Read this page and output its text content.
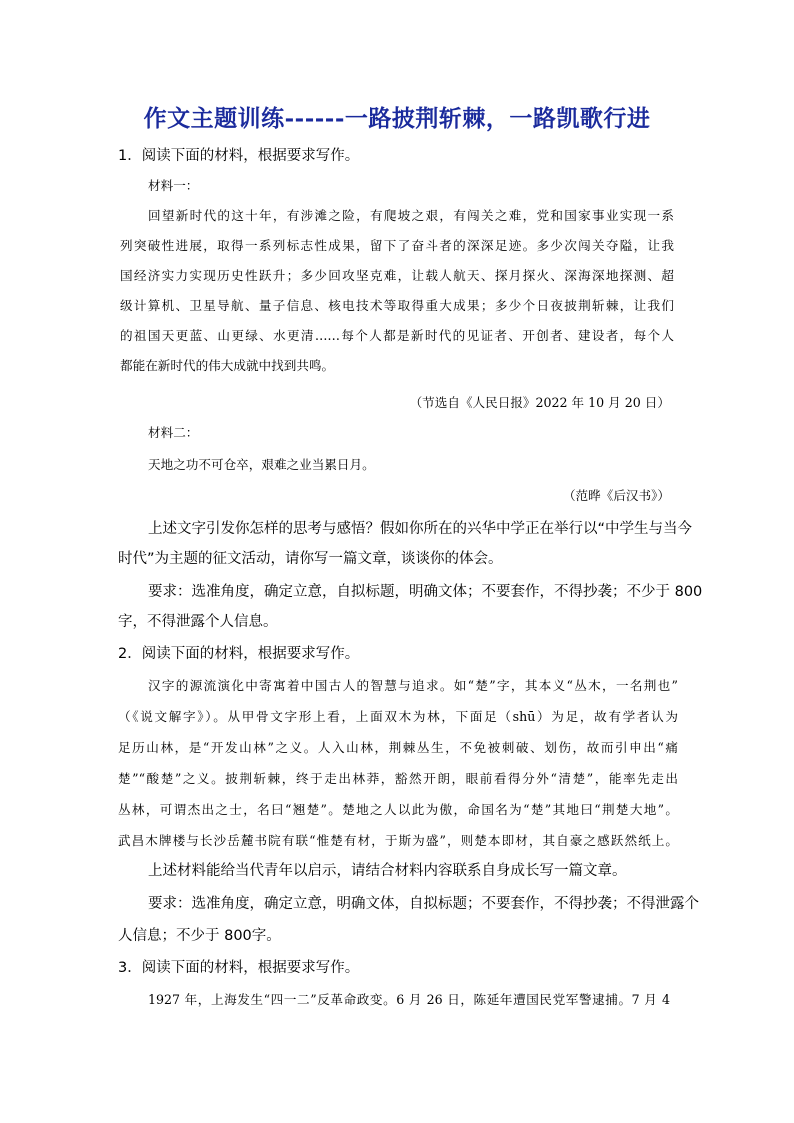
作文主题训练------一路披荆斩棘，一路凯歌行进
1．阅读下面的材料，根据要求写作。
材料一：
回望新时代的这十年，有涉滩之险，有爬坡之艰，有闯关之难，党和国家事业实现一系
列突破性进展，取得一系列标志性成果，留下了奋斗者的深深足迹。多少次闯关夺隘，让我
国经济实力实现历史性跃升；多少回攻坚克难，让载人航天、探月探火、深海深地探测、超
级计算机、卫星导航、量子信息、核电技术等取得重大成果；多少个日夜披荆斩棘，让我们
的祖国天更蓝、山更绿、水更清……每个人都是新时代的见证者、开创者、建设者，每个人
都能在新时代的伟大成就中找到共鸣。
（节选自《人民日报》2022 年 10 月 20 日）
材料二：
天地之功不可仓卒，艰难之业当累日月。
（范晔《后汉书》）
上述文字引发你怎样的思考与感悟？假如你所在的兴华中学正在举行以“中学生与当今
时代”为主题的征文活动，请你写一篇文章，谈谈你的体会。
要求：选准角度，确定立意，自拟标题，明确文体；不要套作，不得抄袭；不少于 800
字，不得泄露个人信息。
2．阅读下面的材料，根据要求写作。
汉字的源流演化中寄寓着中国古人的智慧与追求。如“楚”字，其本义“丛木，一名荆也”
（《说文解字》）。从甲骨文字形上看，上面双木为林，下面足（shū）为足，故有学者认为
足历山林，是“开发山林”之义。人入山林，荆棘丛生，不免被刺破、划伤，故而引申出“痛
楚”“酸楚”之义。披荆斩棘，终于走出林莽，豁然开朗，眼前看得分外“清楚”，能率先走出
丛林，可谓杰出之士，名曰“翘楚”。楚地之人以此为傲，命国名为“楚”其地曰“荆楚大地”。
武昌木牌楼与长沙岳麓书院有联“惟楚有材，于斯为盛”，则楚本即材，其自豪之感跃然纸上。
上述材料能给当代青年以启示，请结合材料内容联系自身成长写一篇文章。
要求：选准角度，确定立意，明确文体，自拟标题；不要套作，不得抄袭；不得泄露个
人信息；不少于 800字。
3．阅读下面的材料，根据要求写作。
1927 年，上海发生“四一二”反革命政变。6 月 26 日，陈延年遭国民党军警逮捕。7 月 4
